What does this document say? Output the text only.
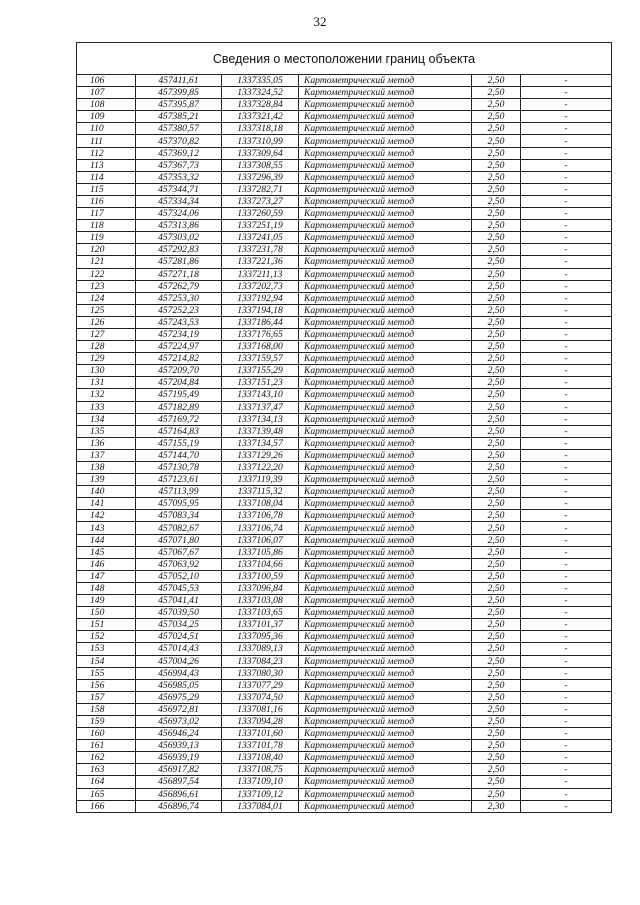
32
Сведения о местоположении границ объекта
106	457411,61	1337335,05	Картометрический метод	2,50	-
107	457399,85	1337324,52	Картометрический метод	2,50	-
108	457395,87	1337328,84	Картометрический метод	2,50	-
109	457385,21	1337321,42	Картометрический метод	2,50	-
110	457380,57	1337318,18	Картометрический метод	2,50	-
111	457370,82	1337310,99	Картометрический метод	2,50	-
112	457369,12	1337309,64	Картометрический метод	2,50	-
113	457367,73	1337308,55	Картометрический метод	2,50	-
114	457353,32	1337296,39	Картометрический метод	2,50	-
115	457344,71	1337282,71	Картометрический метод	2,50	-
116	457334,34	1337273,27	Картометрический метод	2,50	-
117	457324,06	1337260,59	Картометрический метод	2,50	-
118	457313,86	1337251,19	Картометрический метод	2,50	-
119	457303,02	1337241,05	Картометрический метод	2,50	-
120	457292,83	1337231,78	Картометрический метод	2,50	-
121	457281,86	1337221,36	Картометрический метод	2,50	-
122	457271,18	1337211,13	Картометрический метод	2,50	-
123	457262,79	1337202,73	Картометрический метод	2,50	-
124	457253,30	1337192,94	Картометрический метод	2,50	-
125	457252,23	1337194,18	Картометрический метод	2,50	-
126	457243,53	1337186,44	Картометрический метод	2,50	-
127	457234,19	1337176,65	Картометрический метод	2,50	-
128	457224,97	1337168,00	Картометрический метод	2,50	-
129	457214,82	1337159,57	Картометрический метод	2,50	-
130	457209,70	1337155,29	Картометрический метод	2,50	-
131	457204,84	1337151,23	Картометрический метод	2,50	-
132	457195,49	1337143,10	Картометрический метод	2,50	-
133	457182,89	1337137,47	Картометрический метод	2,50	-
134	457169,72	1337134,13	Картометрический метод	2,50	-
135	457164,83	1337139,48	Картометрический метод	2,50	-
136	457155,19	1337134,57	Картометрический метод	2,50	-
137	457144,70	1337129,26	Картометрический метод	2,50	-
138	457130,78	1337122,20	Картометрический метод	2,50	-
139	457123,61	1337119,39	Картометрический метод	2,50	-
140	457113,99	1337115,32	Картометрический метод	2,50	-
141	457095,95	1337108,04	Картометрический метод	2,50	-
142	457083,34	1337106,78	Картометрический метод	2,50	-
143	457082,67	1337106,74	Картометрический метод	2,50	-
144	457071,80	1337106,07	Картометрический метод	2,50	-
145	457067,67	1337105,86	Картометрический метод	2,50	-
146	457063,92	1337104,66	Картометрический метод	2,50	-
147	457052,10	1337100,59	Картометрический метод	2,50	-
148	457045,53	1337096,84	Картометрический метод	2,50	-
149	457041,41	1337103,08	Картометрический метод	2,50	-
150	457039,50	1337103,65	Картометрический метод	2,50	-
151	457034,25	1337101,37	Картометрический метод	2,50	-
152	457024,51	1337095,36	Картометрический метод	2,50	-
153	457014,43	1337089,13	Картометрический метод	2,50	-
154	457004,26	1337084,23	Картометрический метод	2,50	-
155	456994,43	1337080,30	Картометрический метод	2,50	-
156	456985,05	1337077,29	Картометрический метод	2,50	-
157	456975,29	1337074,50	Картометрический метод	2,50	-
158	456972,81	1337081,16	Картометрический метод	2,50	-
159	456973,02	1337094,28	Картометрический метод	2,50	-
160	456946,24	1337101,60	Картометрический метод	2,50	-
161	456939,13	1337101,78	Картометрический метод	2,50	-
162	456939,19	1337108,40	Картометрический метод	2,50	-
163	456917,82	1337108,75	Картометрический метод	2,50	-
164	456897,54	1337109,10	Картометрический метод	2,50	-
165	456896,61	1337109,12	Картометрический метод	2,50	-
166	456896,74	1337084,01	Картометрический метод	2,30	-
